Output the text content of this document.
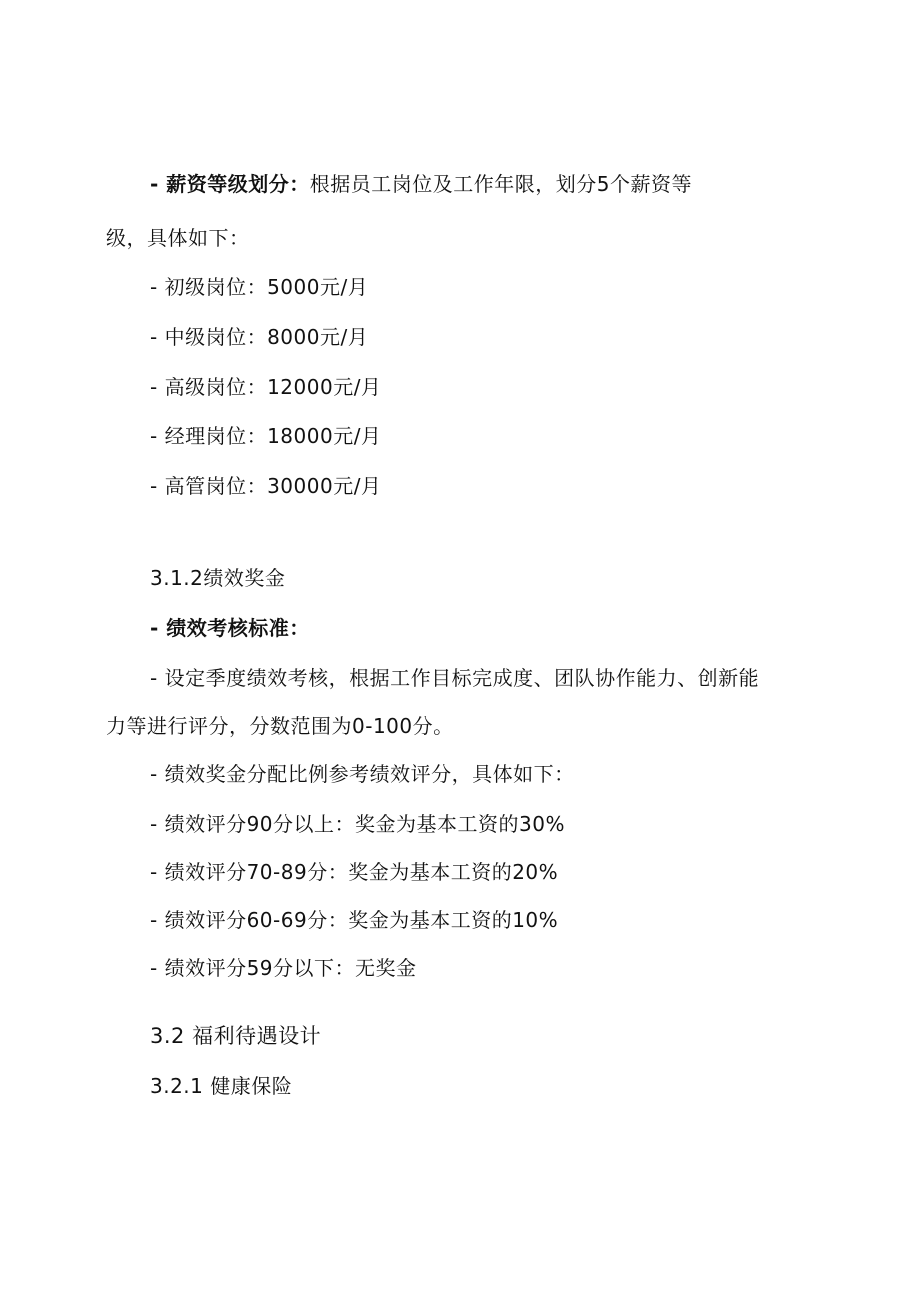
- 薪资等级划分：根据员工岗位及工作年限，划分5个薪资等
级，具体如下：
- 初级岗位：5000元/月
- 中级岗位：8000元/月
- 高级岗位：12000元/月
- 经理岗位：18000元/月
- 高管岗位：30000元/月
3.1.2绩效奖金
- 绩效考核标准：
- 设定季度绩效考核，根据工作目标完成度、团队协作能力、创新能
力等进行评分，分数范围为0-100分。
- 绩效奖金分配比例参考绩效评分，具体如下：
- 绩效评分90分以上：奖金为基本工资的30%
- 绩效评分70-89分：奖金为基本工资的20%
- 绩效评分60-69分：奖金为基本工资的10%
- 绩效评分59分以下：无奖金
3.2 福利待遇设计
3.2.1 健康保险
